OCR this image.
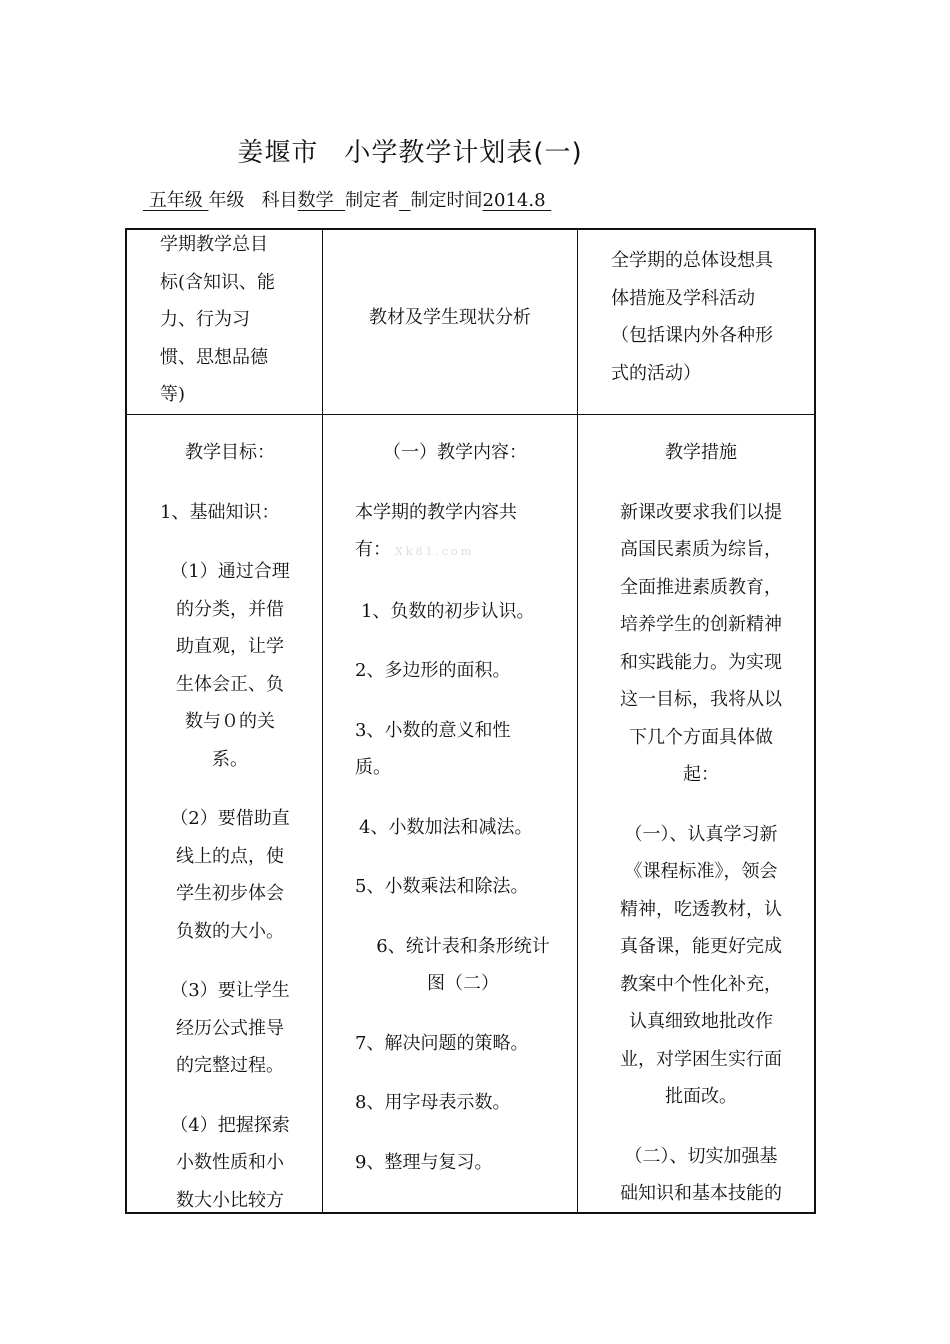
姜堰市 小学教学计划表(一)
五年级 年级 科目数学 制定者 制定时间2014.8

学期教学总目

标(含知识、能

力、行为习

惯、思想品德

等)

教材及学生现状分析

全学期的总体设想具

体措施及学科活动

（包括课内外各种形

式的活动）

教学目标：

1、基础知识：

（1）通过合理

的分类，并借

助直观，让学

生体会正、负

数与０的关

系。

（2）要借助直

线上的点，使

学生初步体会

负数的大小。

（3）要让学生

经历公式推导

的完整过程。

（4）把握探索

小数性质和小

数大小比较方

（一）教学内容：

本学期的教学内容共

有： Xk81.com

1、负数的初步认识。

2、多边形的面积。

3、小数的意义和性

质。

4、小数加法和减法。

5、小数乘法和除法。

6、统计表和条形统计

图（二）

7、解决问题的策略。

8、用字母表示数。

9、整理与复习。

教学措施

新课改要求我们以提

高国民素质为综旨，

全面推进素质教育，

培养学生的创新精神

和实践能力。为实现

这一目标，我将从以

下几个方面具体做

起：

（一）、认真学习新

《课程标准》，领会

精神，吃透教材，认

真备课，能更好完成

教案中个性化补充，

认真细致地批改作

业，对学困生实行面

批面改。

（二）、切实加强基

础知识和基本技能的
